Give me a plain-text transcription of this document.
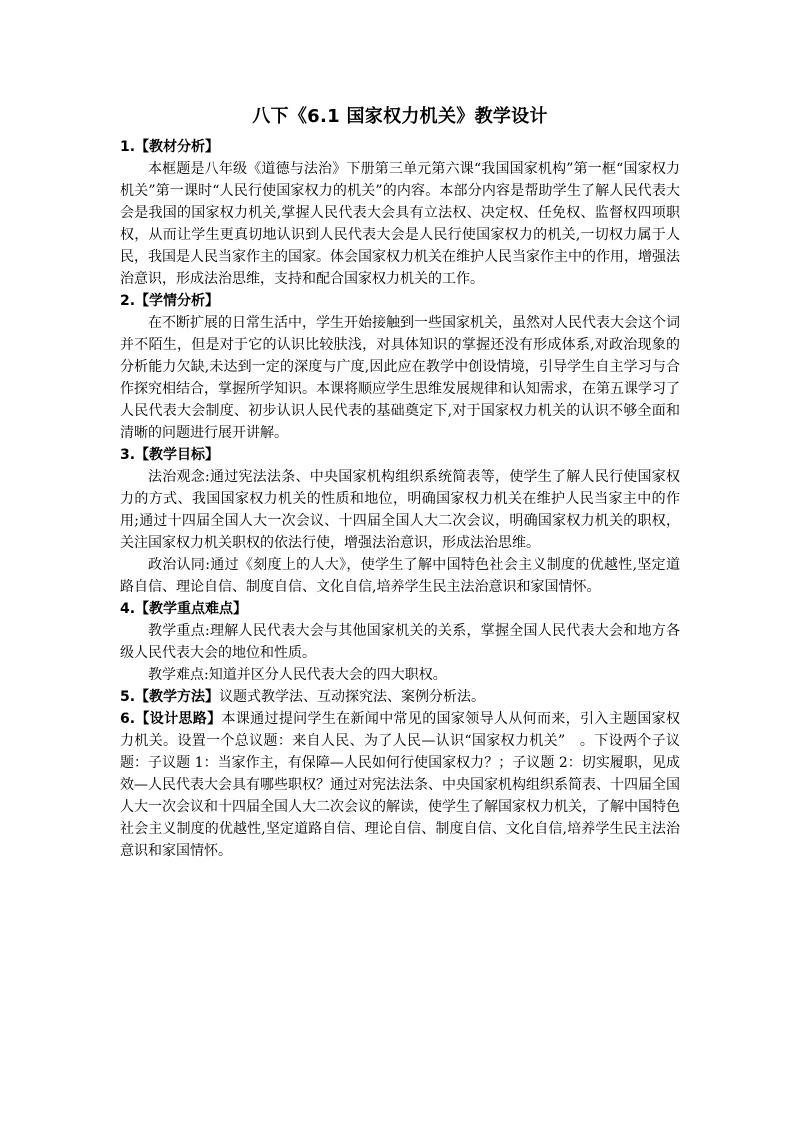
八下《6.1 国家权力机关》教学设计

1.【教材分析】

本框题是八年级《道德与法治》下册第三单元第六课“我国国家机构”第一框“国家权力机关”第一课时“人民行使国家权力的机关”的内容。本部分内容是帮助学生了解人民代表大会是我国的国家权力机关,掌握人民代表大会具有立法权、决定权、任免权、监督权四项职权，从而让学生更真切地认识到人民代表大会是人民行使国家权力的机关,一切权力属于人民，我国是人民当家作主的国家。体会国家权力机关在维护人民当家作主中的作用，增强法治意识，形成法治思维，支持和配合国家权力机关的工作。

2.【学情分析】

在不断扩展的日常生活中，学生开始接触到一些国家机关，虽然对人民代表大会这个词并不陌生，但是对于它的认识比较肤浅，对具体知识的掌握还没有形成体系,对政治现象的分析能力欠缺,未达到一定的深度与广度,因此应在教学中创设情境，引导学生自主学习与合作探究相结合，掌握所学知识。本课将顺应学生思维发展规律和认知需求，在第五课学习了人民代表大会制度、初步认识人民代表的基础奠定下,对于国家权力机关的认识不够全面和清晰的问题进行展开讲解。

3.【教学目标】

法治观念:通过宪法法条、中央国家机构组织系统简表等，使学生了解人民行使国家权力的方式、我国国家权力机关的性质和地位，明确国家权力机关在维护人民当家主中的作用;通过十四届全国人大一次会议、十四届全国人大二次会议，明确国家权力机关的职权，关注国家权力机关职权的依法行使，增强法治意识，形成法治思维。

政治认同:通过《刻度上的人大》，使学生了解中国特色社会主义制度的优越性,坚定道路自信、理论自信、制度自信、文化自信,培养学生民主法治意识和家国情怀。

4.【教学重点难点】

教学重点:理解人民代表大会与其他国家机关的关系，掌握全国人民代表大会和地方各级人民代表大会的地位和性质。

教学难点:知道并区分人民代表大会的四大职权。

5.【教学方法】议题式教学法、互动探究法、案例分析法。

6.【设计思路】本课通过提问学生在新闻中常见的国家领导人从何而来，引入主题国家权力机关。设置一个总议题：来自人民、为了人民—认识“国家权力机关”　。下设两个子议题：子议题 1：当家作主，有保障—人民如何行使国家权力？；子议题 2：切实履职，见成效—人民代表大会具有哪些职权？通过对宪法法条、中央国家机构组织系简表、十四届全国人大一次会议和十四届全国人大二次会议的解读，使学生了解国家权力机关，了解中国特色社会主义制度的优越性,坚定道路自信、理论自信、制度自信、文化自信,培养学生民主法治意识和家国情怀。
